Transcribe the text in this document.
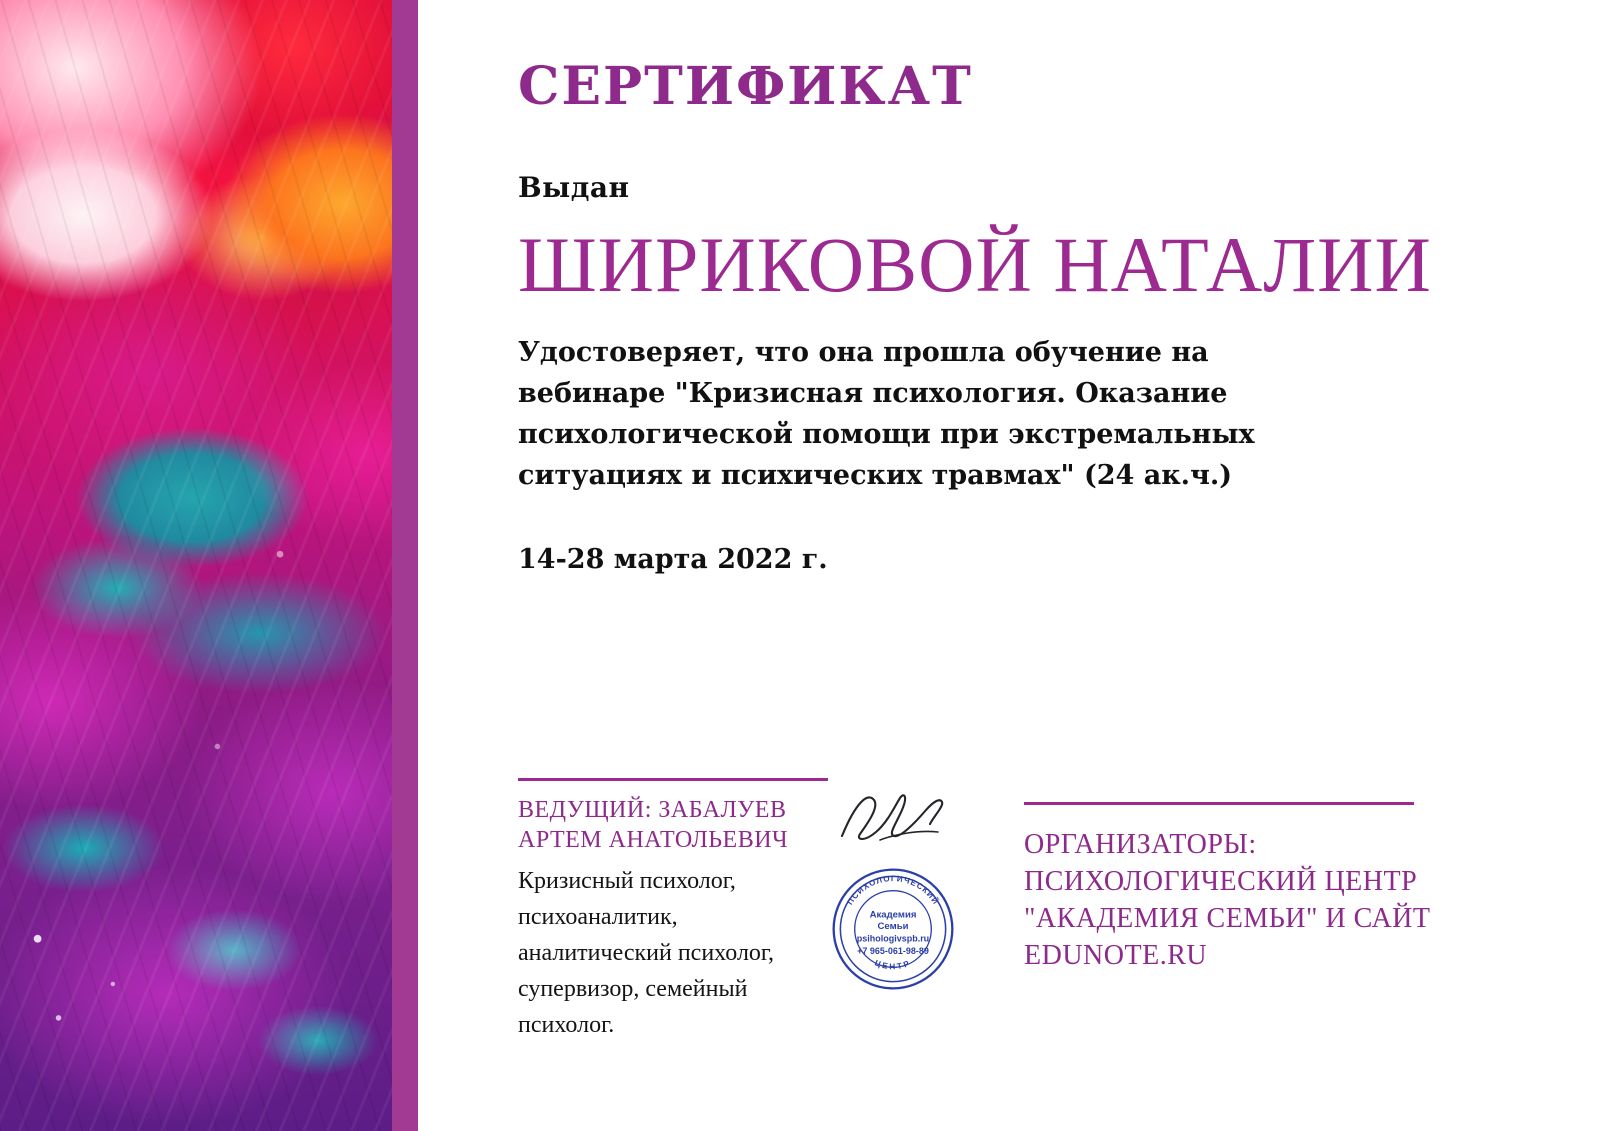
СЕРТИФИКАТ
Выдан
ШИРИКОВОЙ НАТАЛИИ
Удостоверяет, что она прошла обучение на вебинаре "Кризисная психология. Оказание психологической помощи при экстремальных ситуациях и психических травмах" (24 ак.ч.)
14-28 марта 2022 г.
ВЕДУЩИЙ: ЗАБАЛУЕВ АРТЕМ АНАТОЛЬЕВИЧ
Кризисный психолог, психоаналитик, аналитический психолог, супервизор, семейный психолог.
ПСИХОЛОГИЧЕСКИЙ
ЦЕНТР
Академия
Семьи
psihologivspb.ru
+7 965-061-98-89
ОРГАНИЗАТОРЫ: ПСИХОЛОГИЧЕСКИЙ ЦЕНТР "АКАДЕМИЯ СЕМЬИ" И САЙТ EDUNOTE.RU
